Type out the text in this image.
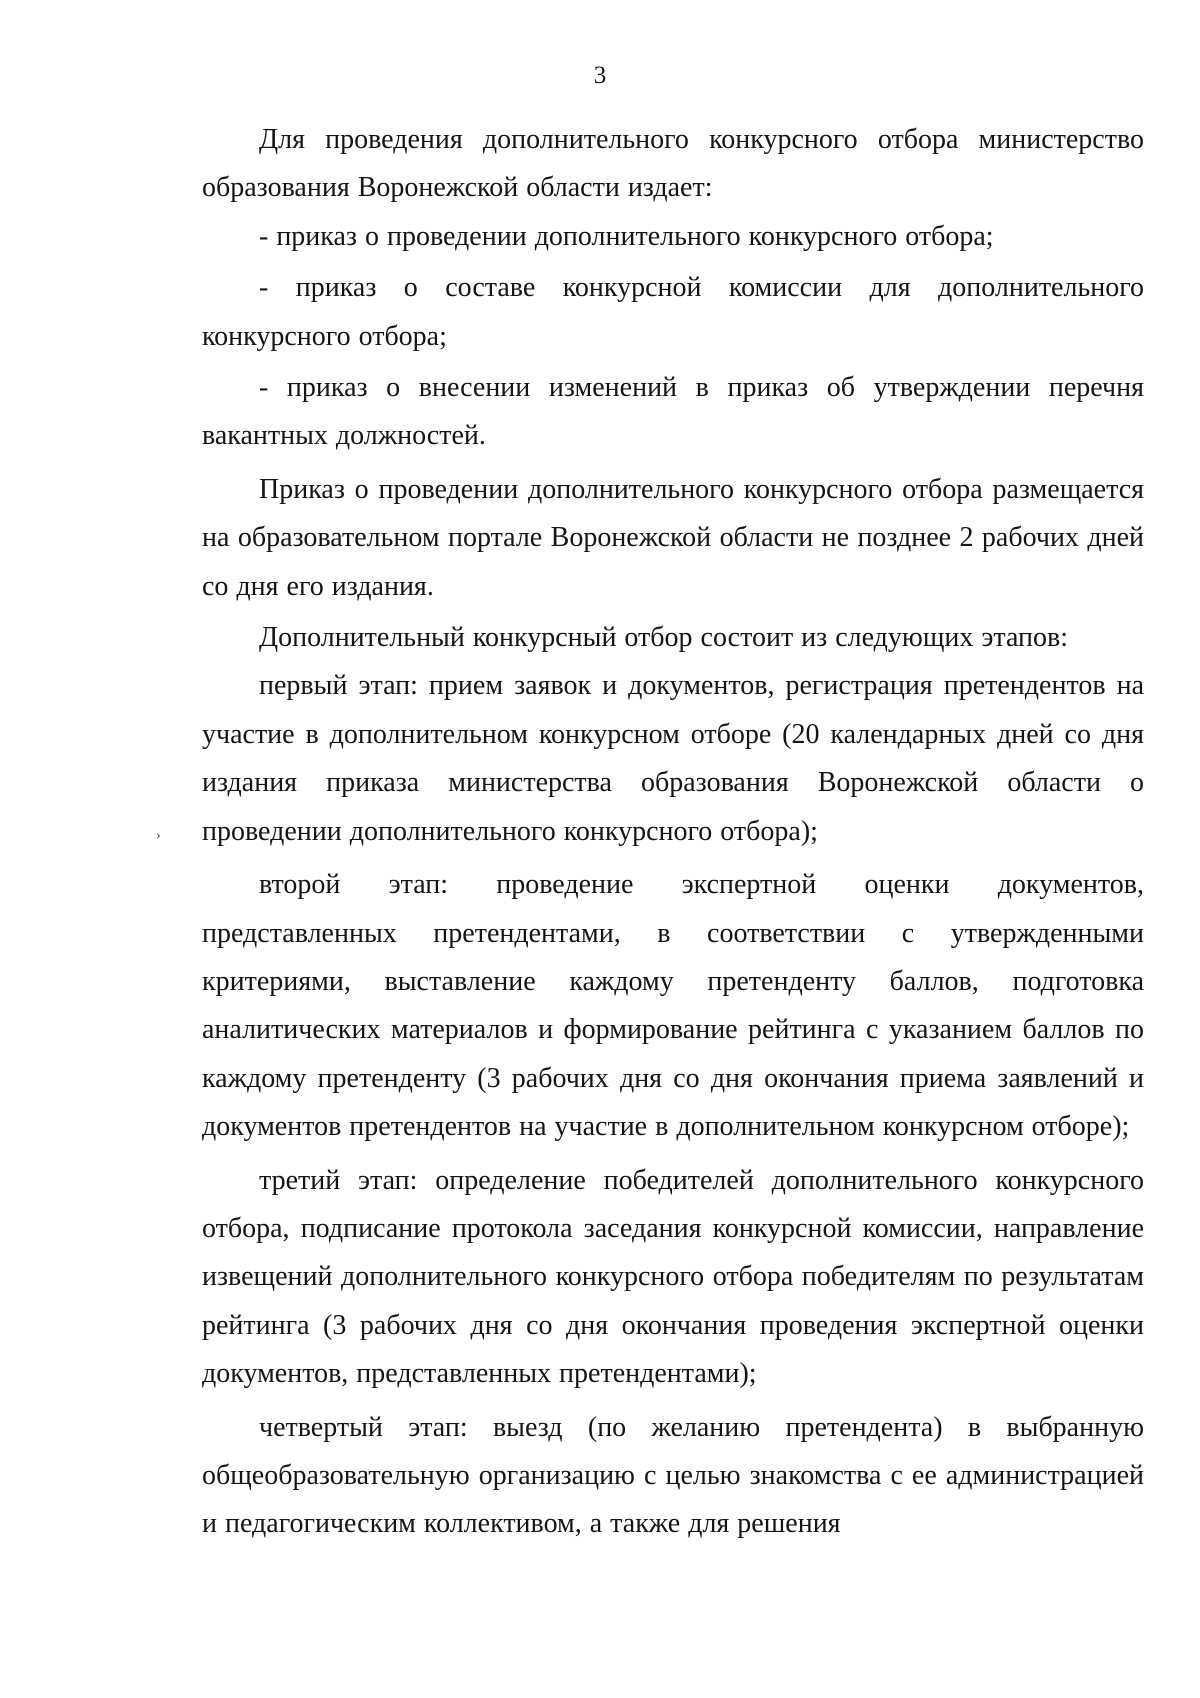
3
›

Для проведения дополнительного конкурсного отбора министерство образования Воронежской области издает:

- приказ о проведении дополнительного конкурсного отбора;

- приказ о составе конкурсной комиссии для дополнительного конкурсного отбора;

- приказ о внесении изменений в приказ об утверждении перечня вакантных должностей.

Приказ о проведении дополнительного конкурсного отбора размещается на образовательном портале Воронежской области не позднее 2 рабочих дней со дня его издания.

Дополнительный конкурсный отбор состоит из следующих этапов:

первый этап: прием заявок и документов, регистрация претендентов на участие в дополнительном конкурсном отборе (20 календарных дней со дня издания приказа министерства образования Воронежской области о проведении дополнительного конкурсного отбора);

второй этап: проведение экспертной оценки документов, представленных претендентами, в соответствии с утвержденными критериями, выставление каждому претенденту баллов, подготовка аналитических материалов и формирование рейтинга с указанием баллов по каждому претенденту (3 рабочих дня со дня окончания приема заявлений и документов претендентов на участие в дополнительном конкурсном отборе);

третий этап: определение победителей дополнительного конкурсного отбора, подписание протокола заседания конкурсной комиссии, направление извещений дополнительного конкурсного отбора победителям по результатам рейтинга (3 рабочих дня со дня окончания проведения экспертной оценки документов, представленных претендентами);

четвертый этап: выезд (по желанию претендента) в выбранную общеобразовательную организацию с целью знакомства с ее администрацией и педагогическим коллективом, а также для решения
